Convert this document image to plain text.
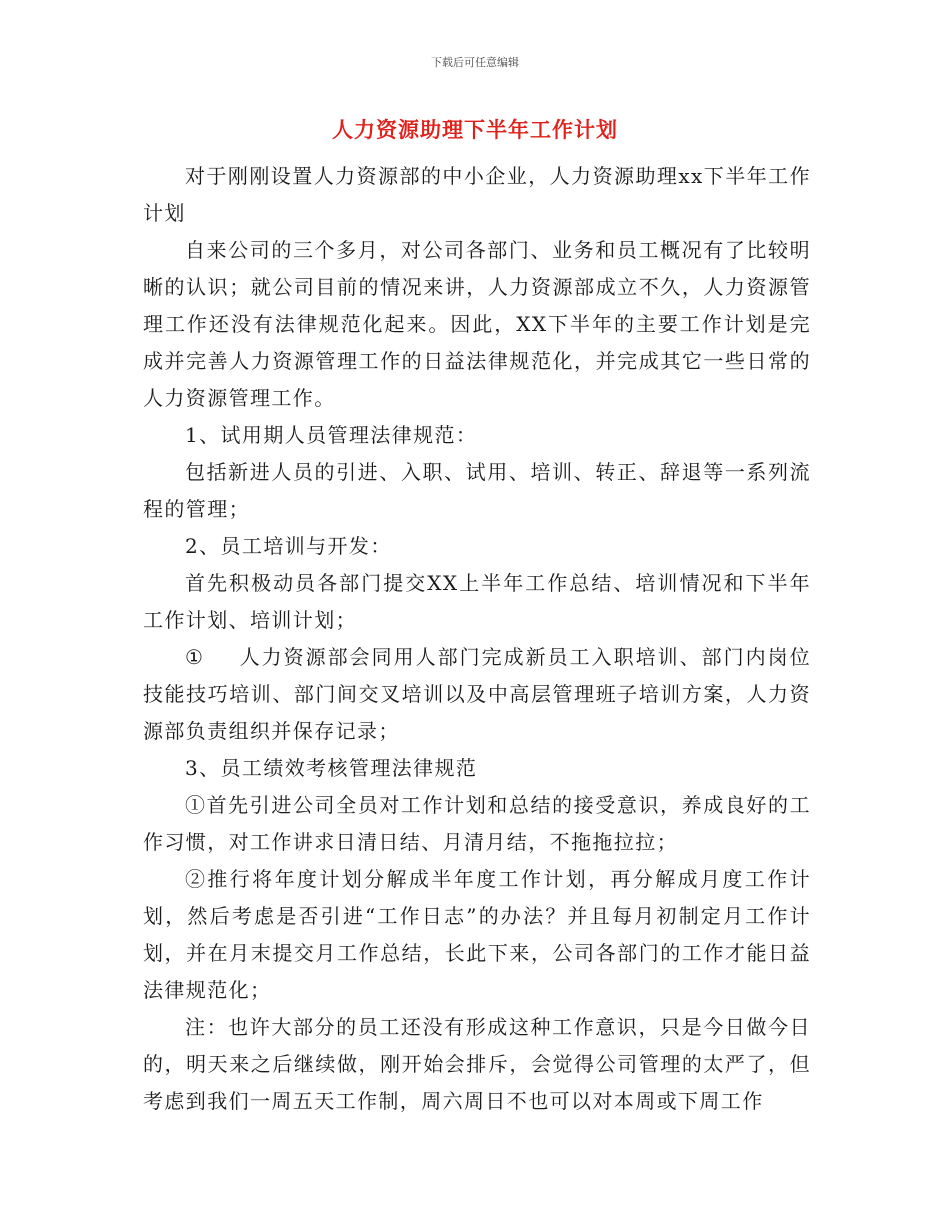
下载后可任意编辑
人力资源助理下半年工作计划

对于刚刚设置人力资源部的中小企业，人力资源助理xx下半年工作计划

自来公司的三个多月，对公司各部门、业务和员工概况有了比较明晰的认识；就公司目前的情况来讲，人力资源部成立不久，人力资源管理工作还没有法律规范化起来。因此，XX下半年的主要工作计划是完成并完善人力资源管理工作的日益法律规范化，并完成其它一些日常的人力资源管理工作。

1、试用期人员管理法律规范：

包括新进人员的引进、入职、试用、培训、转正、辞退等一系列流程的管理；

2、员工培训与开发：

首先积极动员各部门提交XX上半年工作总结、培训情况和下半年工作计划、培训计划；

① 人力资源部会同用人部门完成新员工入职培训、部门内岗位技能技巧培训、部门间交叉培训以及中高层管理班子培训方案，人力资源部负责组织并保存记录；

3、员工绩效考核管理法律规范

①首先引进公司全员对工作计划和总结的接受意识，养成良好的工作习惯，对工作讲求日清日结、月清月结，不拖拖拉拉；

②推行将年度计划分解成半年度工作计划，再分解成月度工作计划，然后考虑是否引进“工作日志”的办法？并且每月初制定月工作计划，并在月末提交月工作总结，长此下来，公司各部门的工作才能日益法律规范化；

注：也许大部分的员工还没有形成这种工作意识，只是今日做今日的，明天来之后继续做，刚开始会排斥，会觉得公司管理的太严了，但考虑到我们一周五天工作制，周六周日不也可以对本周或下周工作
